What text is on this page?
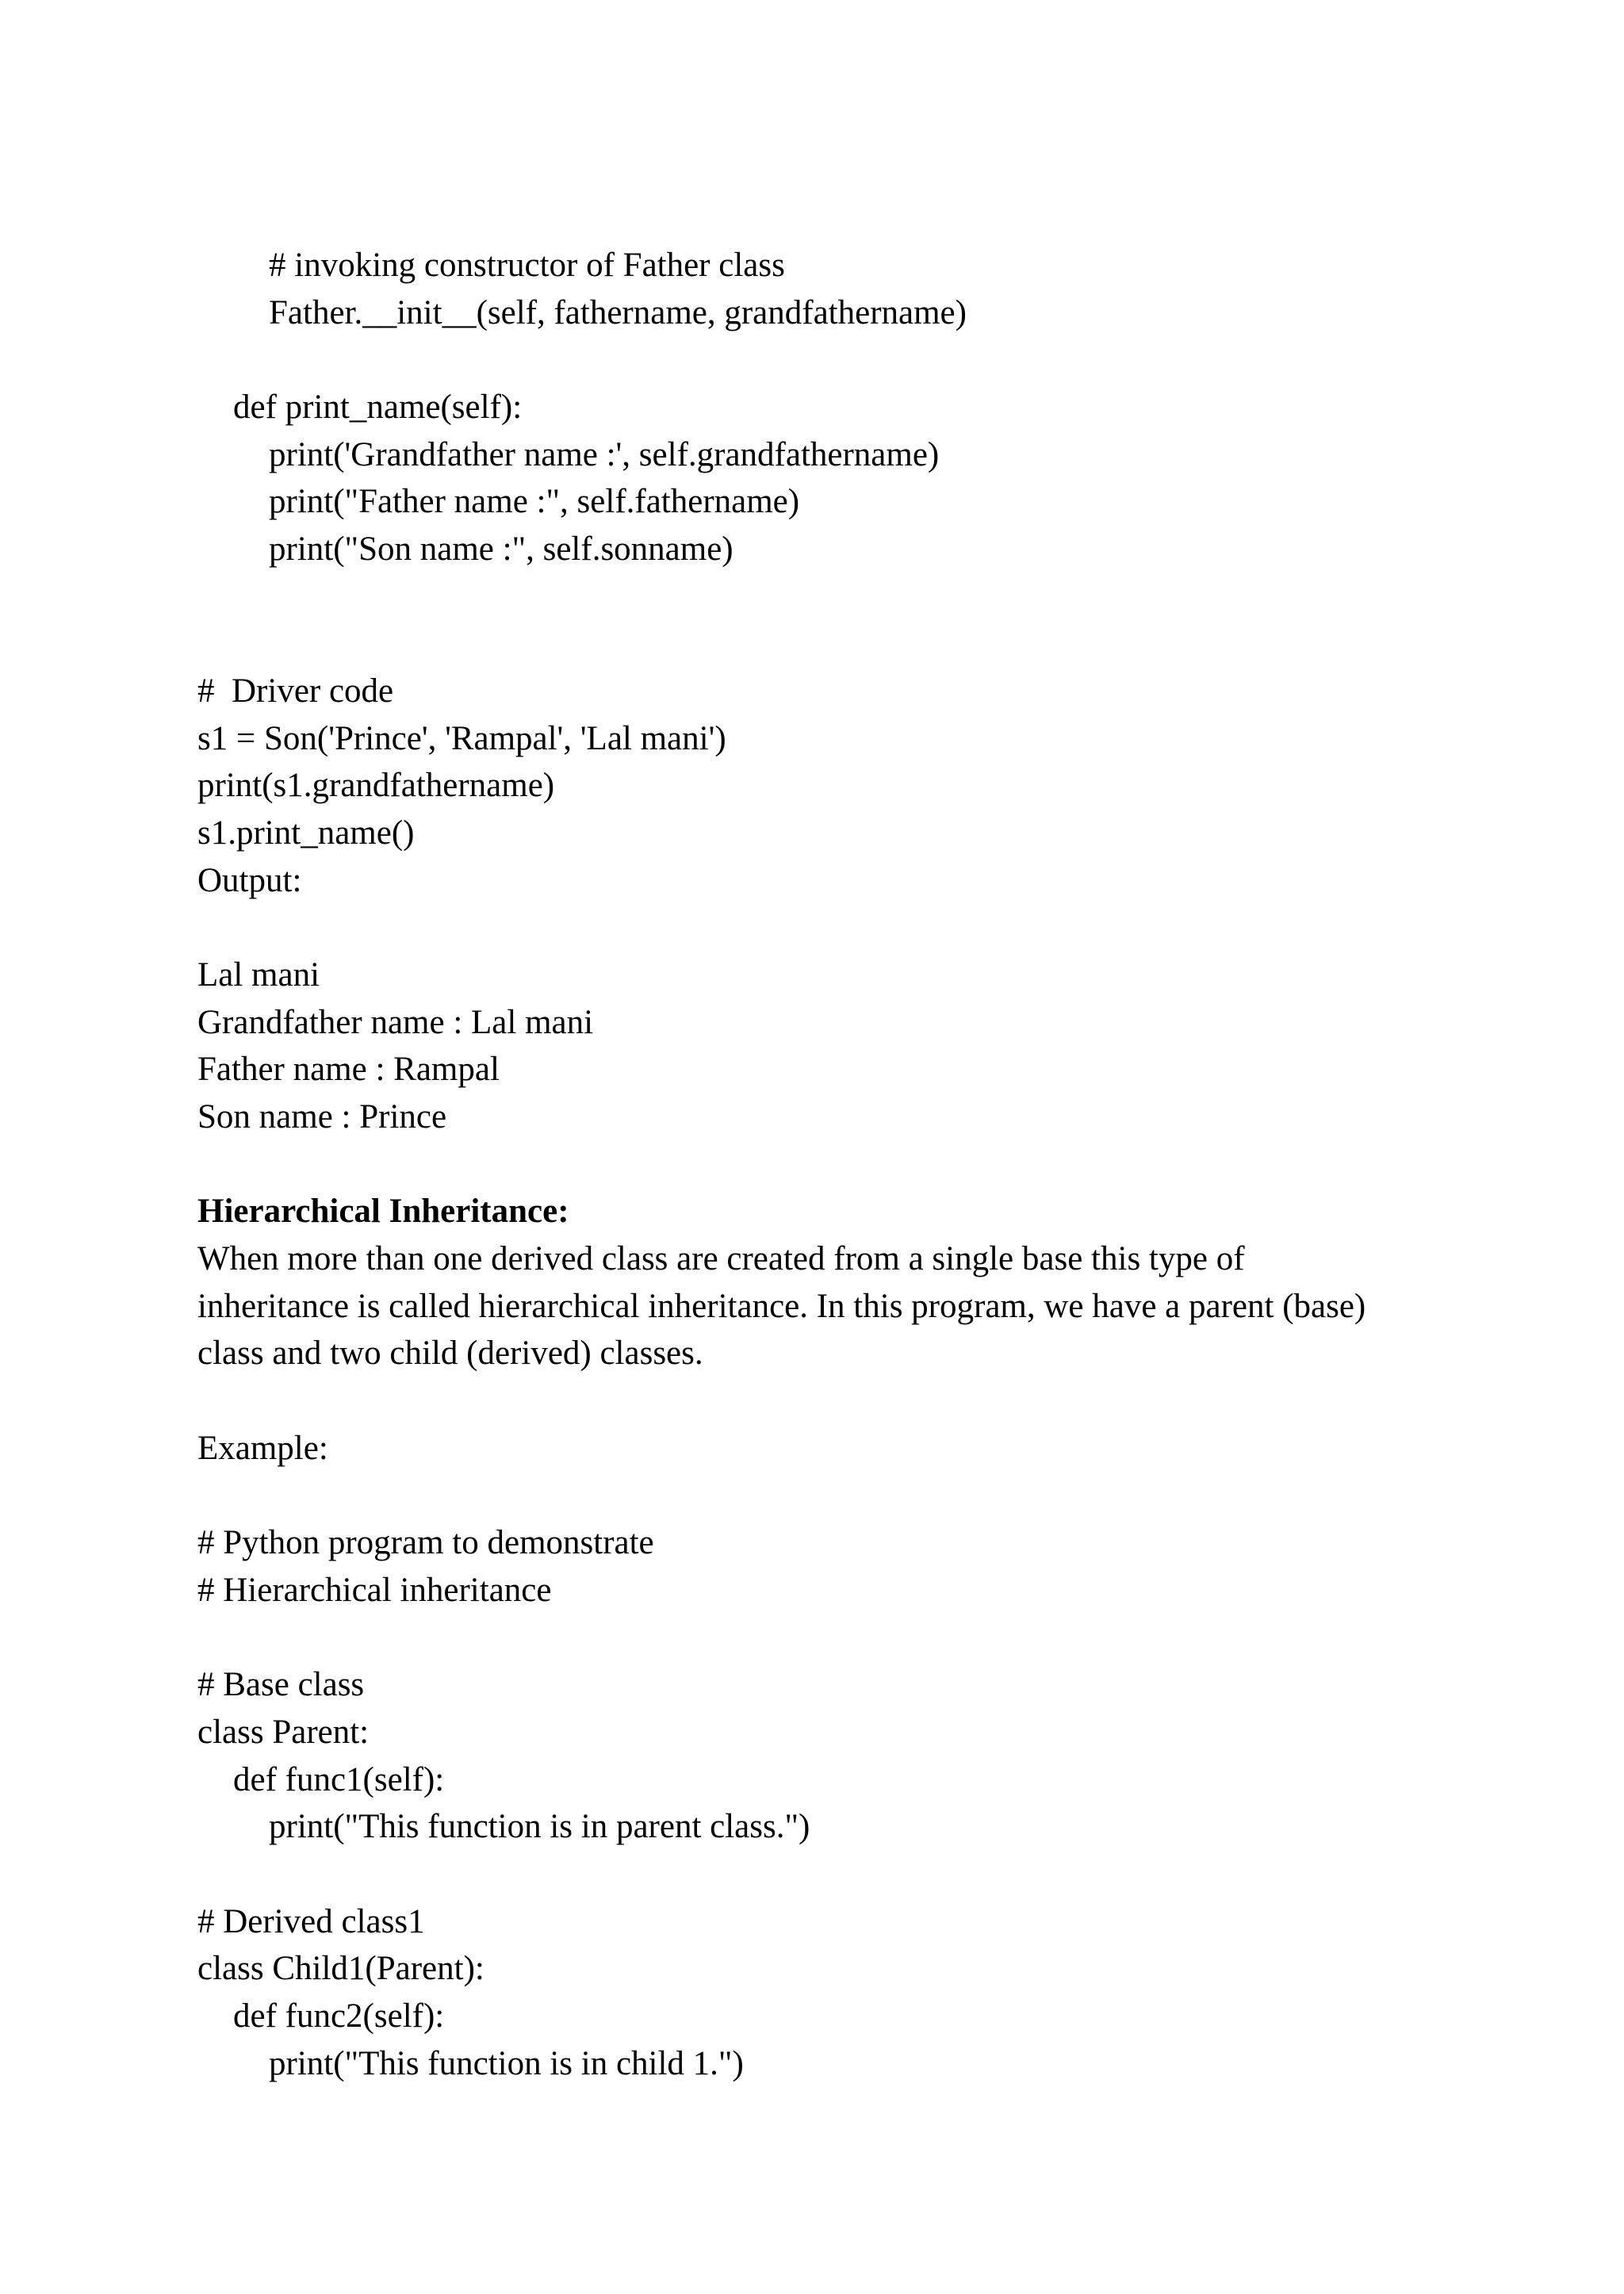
# invoking constructor of Father class
Father.__init__(self, fathername, grandfathername)
def print_name(self):
print('Grandfather name :', self.grandfathername)
print("Father name :", self.fathername)
print("Son name :", self.sonname)
#  Driver code
s1 = Son('Prince', 'Rampal', 'Lal mani')
print(s1.grandfathername)
s1.print_name()
Output:
Lal mani
Grandfather name : Lal mani
Father name : Rampal
Son name : Prince
Hierarchical Inheritance:
When more than one derived class are created from a single base this type of
inheritance is called hierarchical inheritance. In this program, we have a parent (base)
class and two child (derived) classes.
Example:
# Python program to demonstrate
# Hierarchical inheritance
# Base class
class Parent:
def func1(self):
print("This function is in parent class.")
# Derived class1
class Child1(Parent):
def func2(self):
print("This function is in child 1.")
